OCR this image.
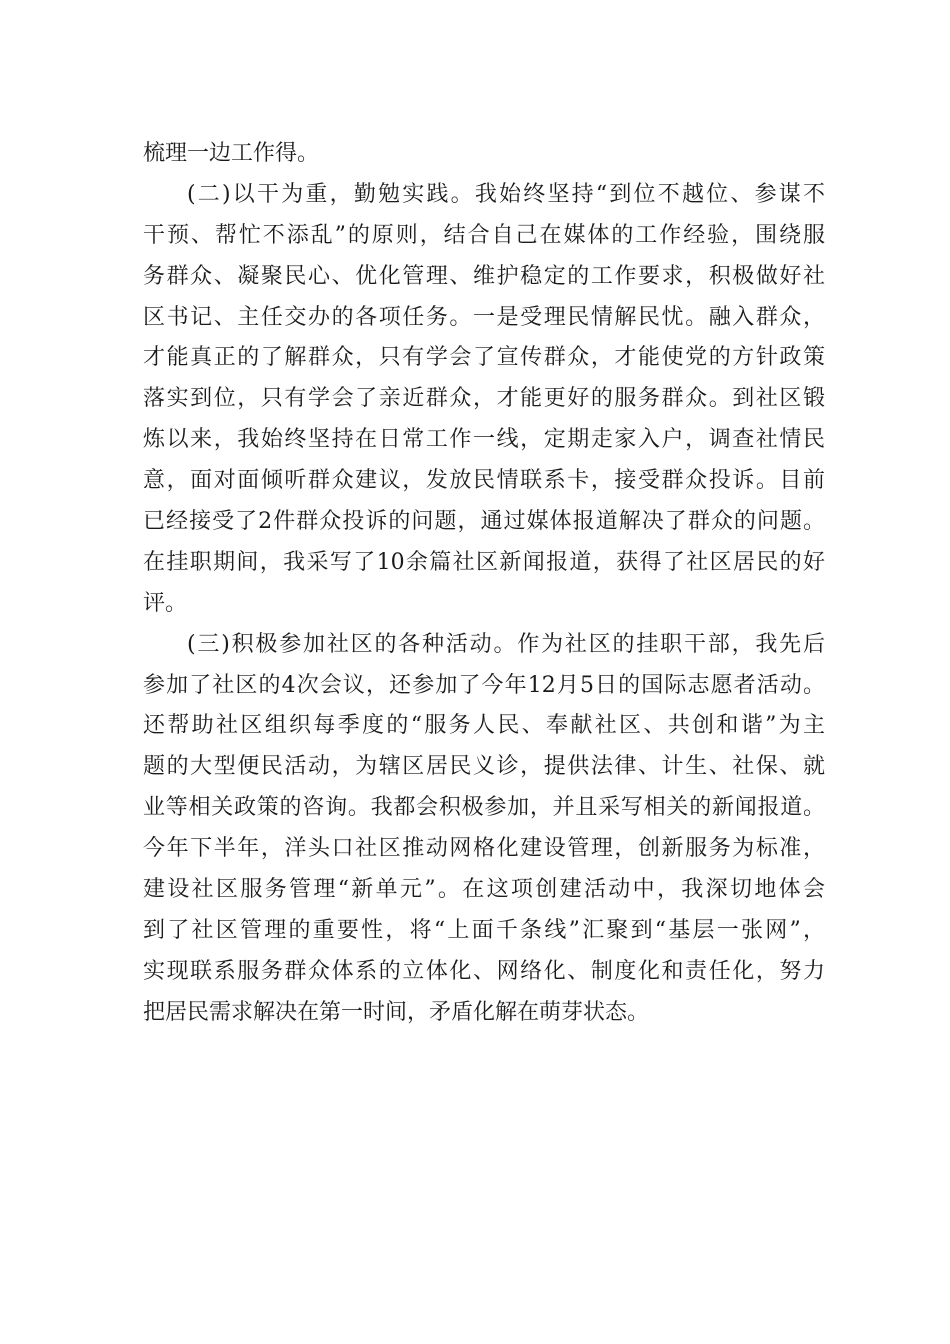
梳理一边工作得。
(二)以干为重，勤勉实践。我始终坚持“到位不越位、参谋不
干预、帮忙不添乱”的原则，结合自己在媒体的工作经验，围绕服
务群众、凝聚民心、优化管理、维护稳定的工作要求，积极做好社
区书记、主任交办的各项任务。一是受理民情解民忧。融入群众，
才能真正的了解群众，只有学会了宣传群众，才能使党的方针政策
落实到位，只有学会了亲近群众，才能更好的服务群众。到社区锻
炼以来，我始终坚持在日常工作一线，定期走家入户，调查社情民
意，面对面倾听群众建议，发放民情联系卡，接受群众投诉。目前
已经接受了2件群众投诉的问题，通过媒体报道解决了群众的问题。
在挂职期间，我采写了10余篇社区新闻报道，获得了社区居民的好
评。
(三)积极参加社区的各种活动。作为社区的挂职干部，我先后
参加了社区的4次会议，还参加了今年12月5日的国际志愿者活动。
还帮助社区组织每季度的“服务人民、奉献社区、共创和谐”为主
题的大型便民活动，为辖区居民义诊，提供法律、计生、社保、就
业等相关政策的咨询。我都会积极参加，并且采写相关的新闻报道。
今年下半年，洋头口社区推动网格化建设管理，创新服务为标准，
建设社区服务管理“新单元”。在这项创建活动中，我深切地体会
到了社区管理的重要性，将“上面千条线”汇聚到“基层一张网”，
实现联系服务群众体系的立体化、网络化、制度化和责任化，努力
把居民需求解决在第一时间，矛盾化解在萌芽状态。
